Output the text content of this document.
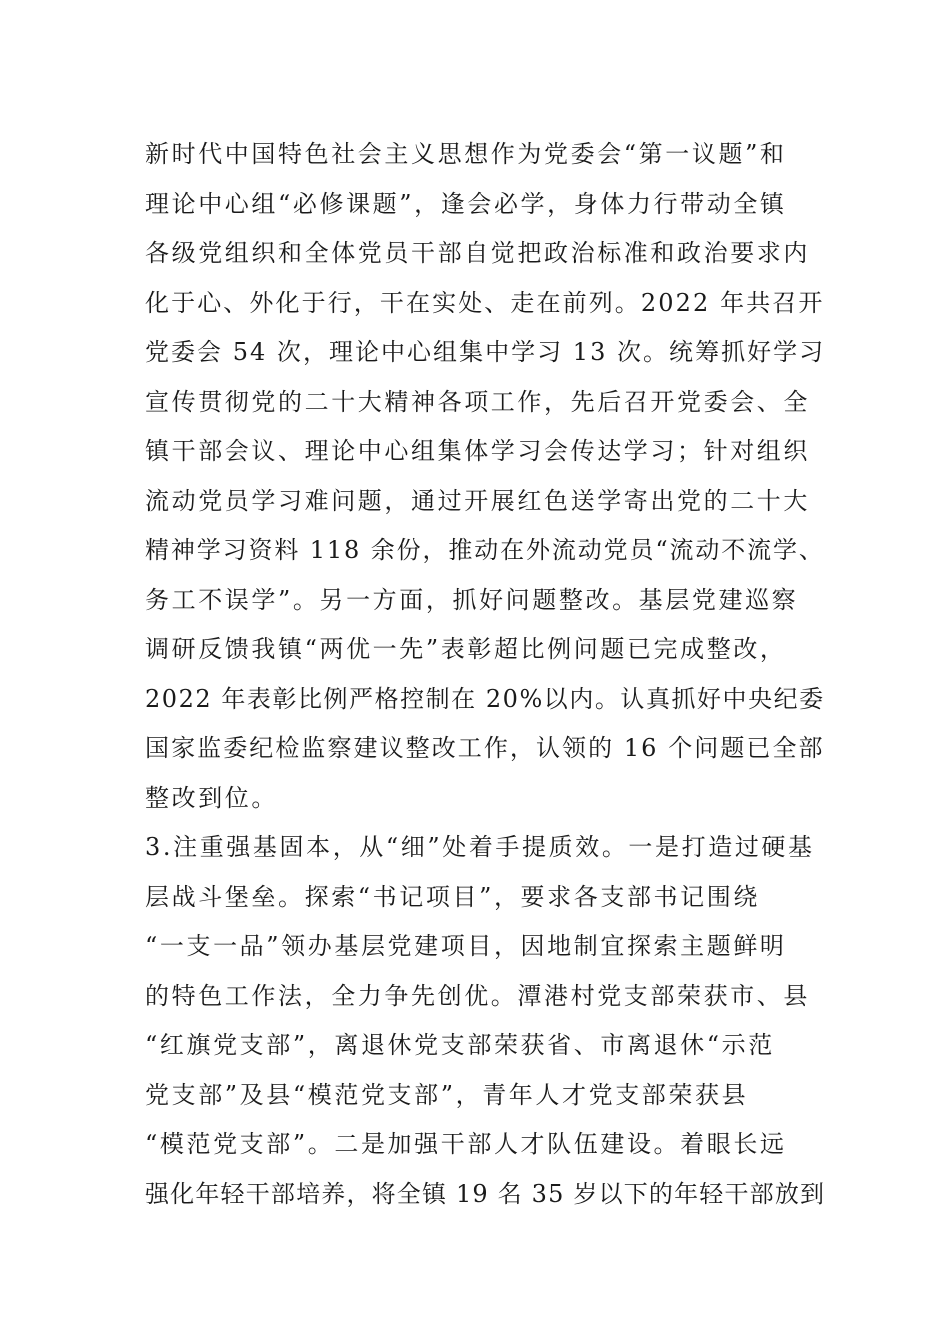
新时代中国特色社会主义思想作为党委会“第一议题”和
理论中心组“必修课题”，逢会必学，身体力行带动全镇
各级党组织和全体党员干部自觉把政治标准和政治要求内
化于心、外化于行，干在实处、走在前列。2022 年共召开
党委会 54 次，理论中心组集中学习 13 次。统筹抓好学习
宣传贯彻党的二十大精神各项工作，先后召开党委会、全
镇干部会议、理论中心组集体学习会传达学习；针对组织
流动党员学习难问题，通过开展红色送学寄出党的二十大
精神学习资料 118 余份，推动在外流动党员“流动不流学、
务工不误学”。另一方面，抓好问题整改。基层党建巡察
调研反馈我镇“两优一先”表彰超比例问题已完成整改，
2022 年表彰比例严格控制在 20%以内。认真抓好中央纪委
国家监委纪检监察建议整改工作，认领的 16 个问题已全部
整改到位。
3.注重强基固本，从“细”处着手提质效。一是打造过硬基
层战斗堡垒。探索“书记项目”，要求各支部书记围绕
“一支一品”领办基层党建项目，因地制宜探索主题鲜明
的特色工作法，全力争先创优。潭港村党支部荣获市、县
“红旗党支部”，离退休党支部荣获省、市离退休“示范
党支部”及县“模范党支部”，青年人才党支部荣获县
“模范党支部”。二是加强干部人才队伍建设。着眼长远
强化年轻干部培养，将全镇 19 名 35 岁以下的年轻干部放到
